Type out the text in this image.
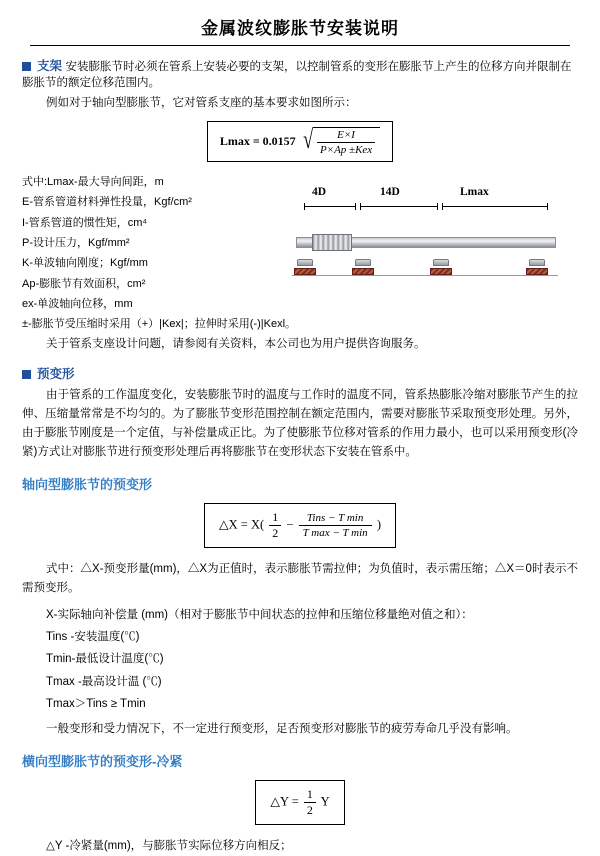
金属波纹膨胀节安装说明
支架 安装膨胀节时必须在管系上安装必要的支架，以控制管系的变形在膨胀节上产生的位移方向并限制在膨胀节的额定位移范围内。

例如对于轴向型膨胀节，它对管系支座的基本要求如图所示：

Lmax = 0.0157 √ $\frac{E\times I}{\text{P×Ap ±Kex}}$
式中:Lmax-最大导向间距，m
E-管系管道材料弹性投量，Kgf/cm²
I-管系管道的惯性矩，cm⁴
P-设计压力，Kgf/mm²
K-单波轴向刚度；Kgf/mm
Ap-膨胀节有效面积，cm²
ex-单波轴向位移，mm
±-膨胀节受压缩时采用（+）|Kex|；拉伸时采用(-)|Kexl。
4D	14D	Lmax

关于管系支座设计问题，请参阅有关资料，本公司也为用户提供咨询服务。

预变形

由于管系的工作温度变化，安装膨胀节时的温度与工作时的温度不同，管系热膨胀冷缩对膨胀节产生的拉伸、压缩量常常是不均匀的。为了膨胀节变形范围控制在额定范围内，需要对膨胀节采取预变形处理。另外，由于膨胀节刚度是一个定值，与补偿量成正比。为了使膨胀节位移对管系的作用力最小，也可以采用预变形(冷紧)方式让对膨胀节进行预变形处理后再将膨胀节在变形状态下安装在管系中。

轴向型膨胀节的预变形
△X = $X( \frac{1}{2} - \frac{\text{Tins − T min}}{\text{T max − T min}}$ )

式中：△X-预变形量(mm)，△X为正值时，表示膨胀节需拉伸；为负值时，表示需压缩；△X＝0时表示不需预变形。

X-实际轴向补偿量 (mm)（相对于膨胀节中间状态的拉伸和压缩位移量绝对值之和）：
Tins -安装温度(℃)
Tmin-最低设计温度(℃)
Tmax -最高设计温 (℃)
Tmax＞Tins ≥ Tmin

一般变形和受力情况下，不一定进行预变形，足否预变形对膨胀节的疲劳寿命几乎没有影响。

横向型膨胀节的预变形-冷紧
△Y = $\frac{1}{2}$ Y

△Y -冷紧量(mm)，与膨胀节实际位移方向相反；
